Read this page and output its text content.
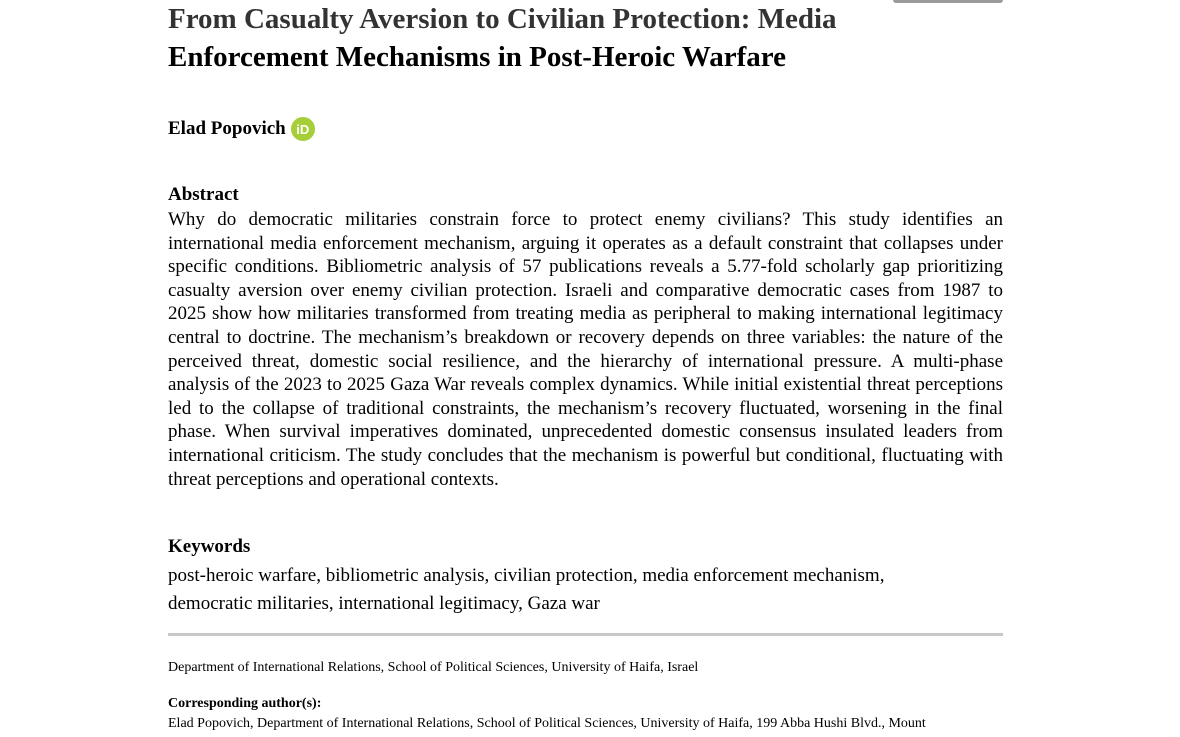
From Casualty Aversion to Civilian Protection: Media
Enforcement Mechanisms in Post-Heroic Warfare
Elad Popovich iD
Abstract
Why do democratic militaries constrain force to protect enemy civilians? This study identifies an international media enforcement mechanism, arguing it operates as a default constraint that collapses under specific conditions. Bibliometric analysis of 57 publications reveals a 5.77-fold scholarly gap prioritizing casualty aversion over enemy civilian protection. Israeli and comparative democratic cases from 1987 to 2025 show how militaries transformed from treating media as peripheral to making international legitimacy central to doctrine. The mechanism’s breakdown or recovery depends on three variables: the nature of the perceived threat, domestic social resilience, and the hierarchy of international pressure. A multi-phase analysis of the 2023 to 2025 Gaza War reveals complex dynamics. While initial existential threat perceptions led to the collapse of traditional constraints, the mechanism’s recovery fluctuated, worsening in the final phase. When survival imperatives dominated, unprecedented domestic consensus insulated leaders from international criticism. The study concludes that the mechanism is powerful but conditional, fluctuating with threat perceptions and operational contexts.
Keywords
post-heroic warfare, bibliometric analysis, civilian protection, media enforcement mechanism,
democratic militaries, international legitimacy, Gaza war
Department of International Relations, School of Political Sciences, University of Haifa, Israel
Corresponding author(s):
Elad Popovich, Department of International Relations, School of Political Sciences, University of Haifa, 199 Abba Hushi Blvd., Mount
